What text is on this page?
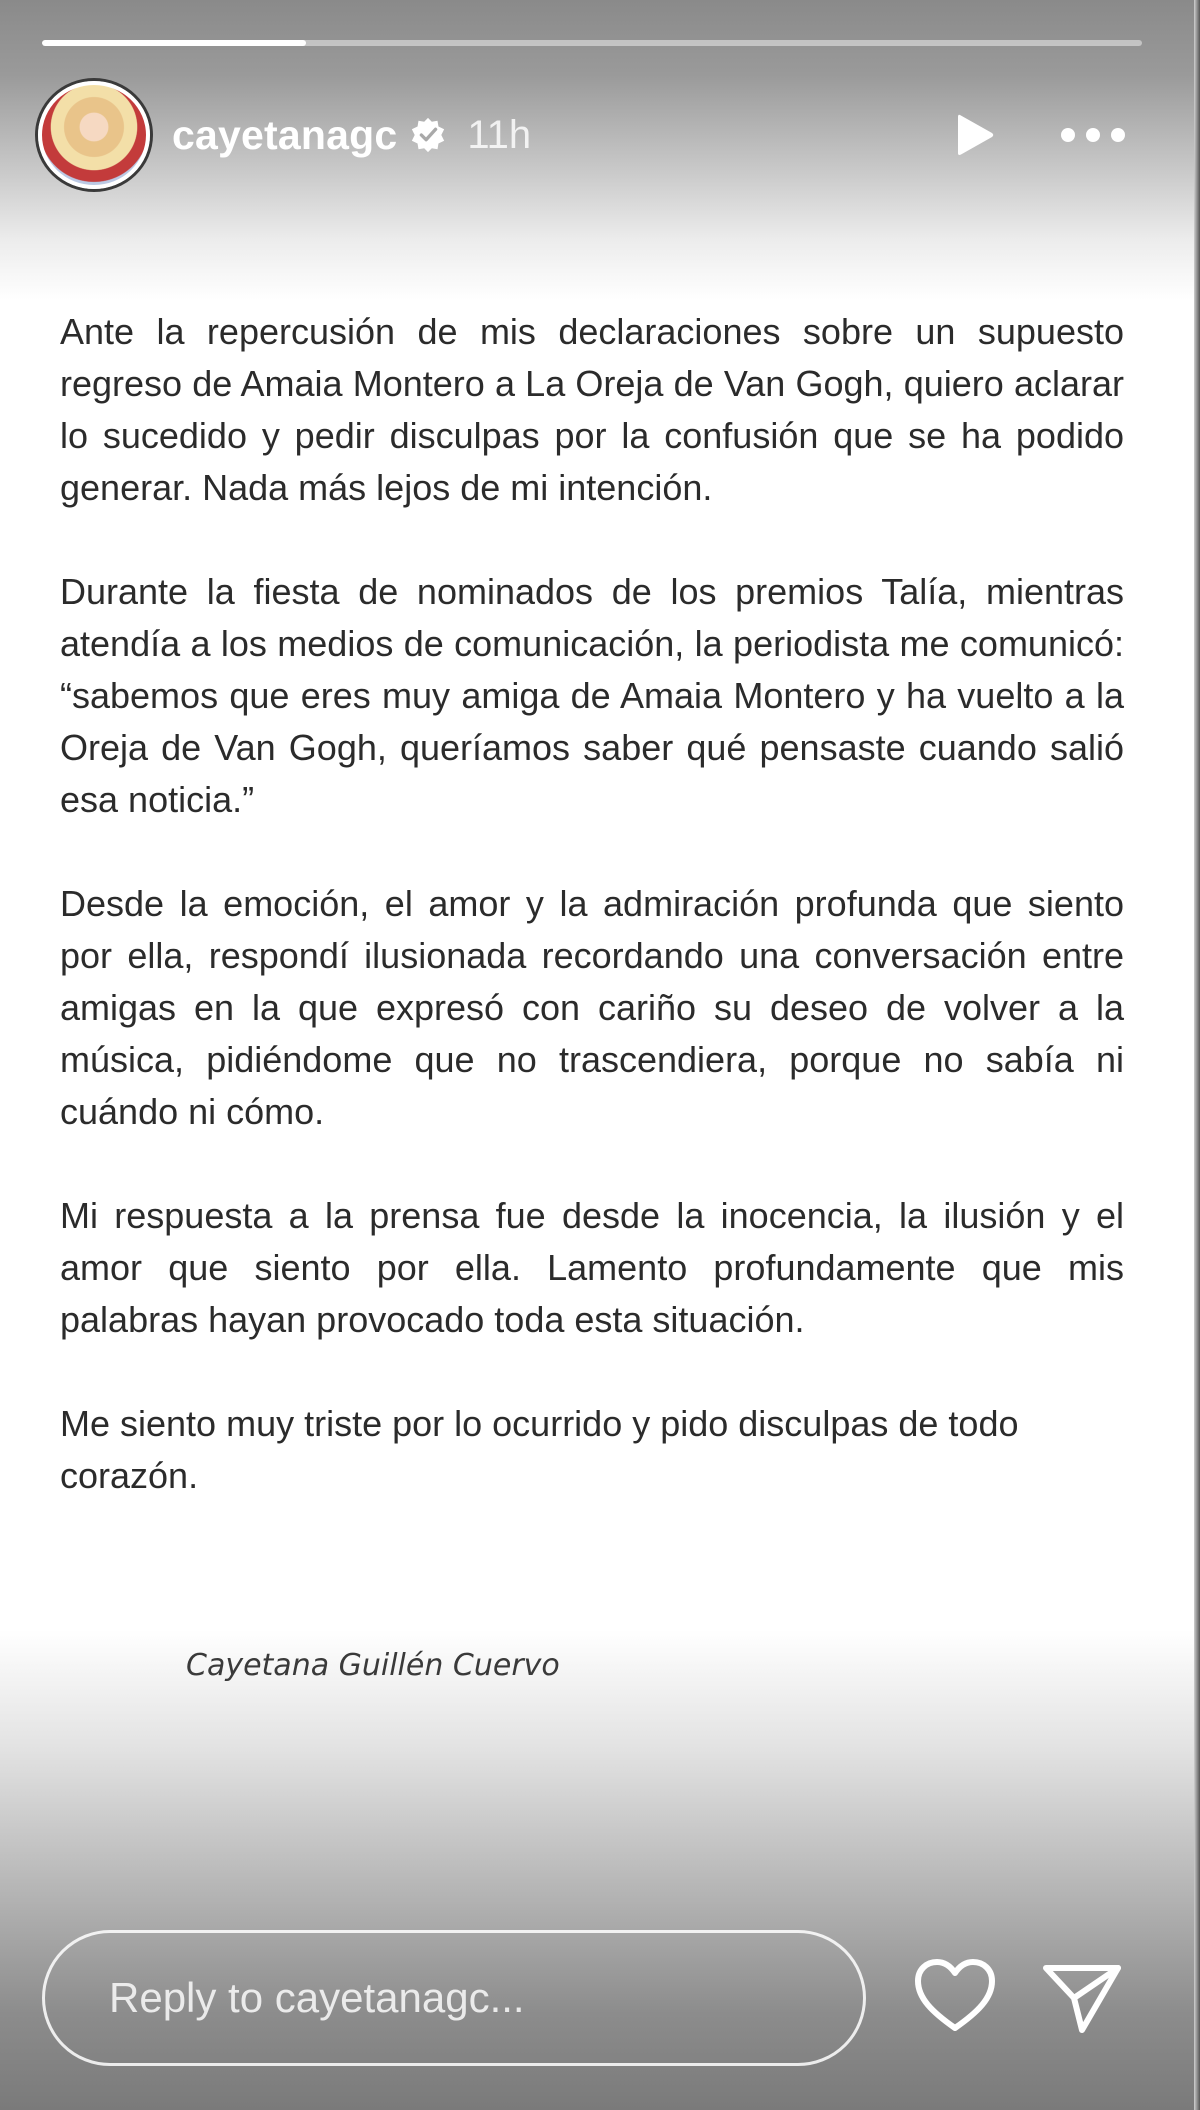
cayetanagc 11h

Ante la repercusión de mis declaraciones sobre un supuesto regreso de Amaia Montero a La Oreja de Van Gogh, quiero aclarar lo sucedido y pedir disculpas por la confusión que se ha podido generar. Nada más lejos de mi intención.

Durante la fiesta de nominados de los premios Talía, mientras atendía a los medios de comunicación, la periodista me comunicó: “sabemos que eres muy amiga de Amaia Montero y ha vuelto a la Oreja de Van Gogh, queríamos saber qué pensaste cuando salió esa noticia.”

Desde la emoción, el amor y la admiración profunda que siento por ella, respondí ilusionada recordando una conversación entre amigas en la que expresó con cariño su deseo de volver a la música, pidiéndome que no trascendiera, porque no sabía ni cuándo ni cómo.

Mi respuesta a la prensa fue desde la inocencia, la ilusión y el amor que siento por ella. Lamento profundamente que mis palabras hayan provocado toda esta situación.

Me siento muy triste por lo ocurrido y pido disculpas de todo corazón.

Cayetana Guillén Cuervo
Reply to cayetanagc...
